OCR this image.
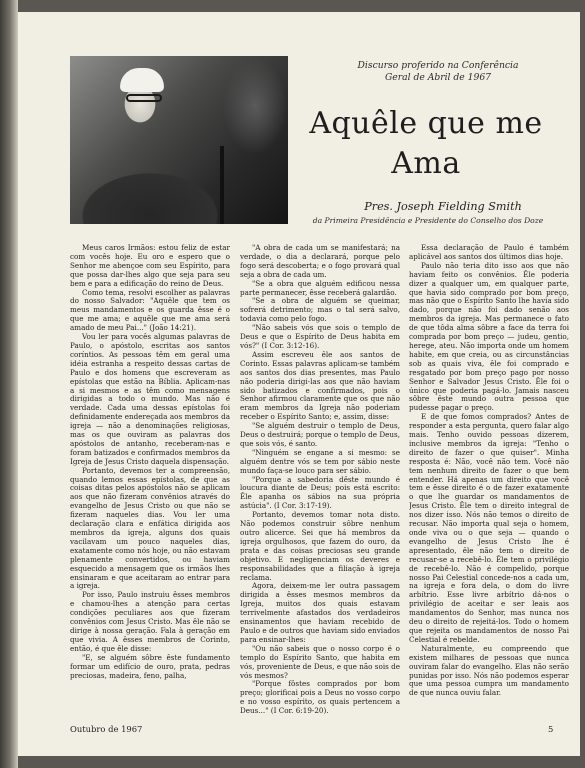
Discurso proferido na Conferência
Geral de Abril de 1967
Aquêle que me
Ama
Pres. Joseph Fielding Smith
da Primeira Presidência e Presidente do Conselho dos Doze

Meus caros Irmãos: estou feliz de estar com vocês hoje. Eu oro e espero que o Senhor me abençoe com seu Espírito, para que possa dar-lhes algo que seja para seu bem e para a edificação do reino de Deus.

Como tema, resolvi escolher as palavras do nosso Salvador: "Aquêle que tem os meus mandamentos e os guarda êsse é o que me ama; e aquêle que me ama será amado de meu Pai..." (João 14:21).

Vou ler para vocês algumas palavras de Paulo, o apóstolo, escritas aos santos coríntios. As pessoas têm em geral uma idéia estranha a respeito dessas cartas de Paulo e dos homens que escreveram as epístolas que estão na Bíblia. Aplicam-nas a si mesmos e as têm como mensagens dirigidas a todo o mundo. Mas não é verdade. Cada uma dessas epístolas foi definidamente endereçada aos membros da igreja — não a denominações religiosas, mas os que ouviram as palavras dos apóstolos de antanho, receberam-nas e foram batizados e confirmados membros da Igreja de Jesus Cristo daquela dispensação.

Portanto, devemos ter a compreensão, quando lemos essas epístolas, de que as coisas ditas pelos apóstolos não se aplicam aos que não fizeram convênios através do evangelho de Jesus Cristo ou que não se fizeram naqueles dias. Vou ler uma declaração clara e enfática dirigida aos membros da igreja, alguns dos quais vacilavam um pouco naqueles dias, exatamente como nós hoje, ou não estavam plenamente convertidos, ou haviam esquecido a mensagem que os irmãos lhes ensinaram e que aceitaram ao entrar para a igreja.

Por isso, Paulo instruiu êsses membros e chamou-lhes a atenção para certas condições peculiares aos que fizeram convênios com Jesus Cristo. Mas êle não se dirige à nossa geração. Fala à geração em que vivia. A êsses membros de Corinto, então, é que êle disse:

"E, se alguém sôbre êste fundamento formar um edifício de ouro, prata, pedras preciosas, madeira, feno, palha,

"A obra de cada um se manifestará; na verdade, o dia a declarará, porque pelo fogo será descoberta; e o fogo provará qual seja a obra de cada um.

"Se a obra que alguém edificou nessa parte permanecer, êsse receberá galardão.

"Se a obra de alguém se queimar, sofrerá detrimento; mas o tal será salvo, todavia como pelo fogo.

"Não sabeis vós que sois o templo de Deus e que o Espírito de Deus habita em vós?" (I Cor. 3:12-16).

Assim escreveu êle aos santos de Corinto. Essas palavras aplicam-se também aos santos dos dias presentes, mas Paulo não poderia dirigi-las aos que não haviam sido batizados e confirmados, pois o Senhor afirmou claramente que os que não eram membros da Igreja não poderiam receber o Espírito Santo; e, assim, disse:

"Se alguém destruir o templo de Deus, Deus o destruirá; porque o templo de Deus, que sois vós, é santo.

"Ninguém se engane a si mesmo: se alguém dentre vós se tem por sábio neste mundo faça-se louco para ser sábio.

"Porque a sabedoria dêste mundo é loucura diante de Deus; pois está escrito: Êle apanha os sábios na sua própria astúcia". (I Cor. 3:17-19).

Portanto, devemos tomar nota disto. Não podemos construir sôbre nenhum outro alicerce. Sei que há membros da igreja orgulhosos, que fazem do ouro, da prata e das coisas preciosas seu grande objetivo. E negligenciam os deveres e responsabilidades que a filiação à igreja reclama.

Agora, deixem-me ler outra passagem dirigida a êsses mesmos membros da Igreja, muitos dos quais estavam terrivelmente afastados dos verdadeiros ensinamentos que haviam recebido de Paulo e de outros que haviam sido enviados para ensinar-lhes:

"Ou não sabeis que o nosso corpo é o templo do Espírito Santo, que habita em vós, proveniente de Deus, e que não sois de vós mesmos?

"Porque fôstes comprados por bom preço; glorificai pois a Deus no vosso corpo e no vosso espírito, os quais pertencem a Deus..." (I Cor. 6:19-20).

Essa declaração de Paulo é também aplicável aos santos dos últimos dias hoje.

Paulo não teria dito isso aos que não haviam feito os convênios. Êle poderia dizer a qualquer um, em qualquer parte, que havia sido comprado por bom preço, mas não que o Espírito Santo lhe havia sido dado, porque não foi dado senão aos membros da igreja. Mas permanece o fato de que tôda alma sôbre a face da terra foi comprada por bom preço — judeu, gentio, herege, ateu. Não importa onde um homem habite, em que creia, ou as circunstâncias sob as quais viva, êle foi comprado e resgatado por bom preço pago por nosso Senhor e Salvador Jesus Cristo. Êle foi o único que poderia pagá-lo. Jamais nasceu sôbre êste mundo outra pessoa que pudesse pagar o preço.

E de que fomos comprados? Antes de responder a esta pergunta, quero falar algo mais. Tenho ouvido pessoas dizerem, inclusive membros da igreja: "Tenho o direito de fazer o que quiser". Minha resposta é: Não, você não tem. Você não tem nenhum direito de fazer o que bem entender. Há apenas um direito que você tem e êsse direito é o de fazer exatamente o que lhe guardar os mandamentos de Jesus Cristo. Êle tem o direito integral de nos dizer isso. Nós não temos o direito de recusar. Não importa qual seja o homem, onde viva ou o que seja — quando o evangelho de Jesus Cristo lhe é apresentado, êle não tem o direito de recusar-se a recebê-lo. Êle tem o privilégio de recebê-lo. Não é compelido, porque nosso Pai Celestial concede-nos a cada um, na igreja e fora dela, o dom do livre arbítrio. Esse livre arbítrio dá-nos o privilégio de aceitar e ser leais aos mandamentos do Senhor, mas nunca nos deu o direito de rejeitá-los. Todo o homem que rejeita os mandamentos de nosso Pai Celestial é rebelde.

Naturalmente, eu compreendo que existem milhares de pessoas que nunca ouviram falar do evangelho. Elas não serão punidas por isso. Nós não podemos esperar que uma pessoa cumpra um mandamento de que nunca ouviu falar.

Outubro de 1967	5
